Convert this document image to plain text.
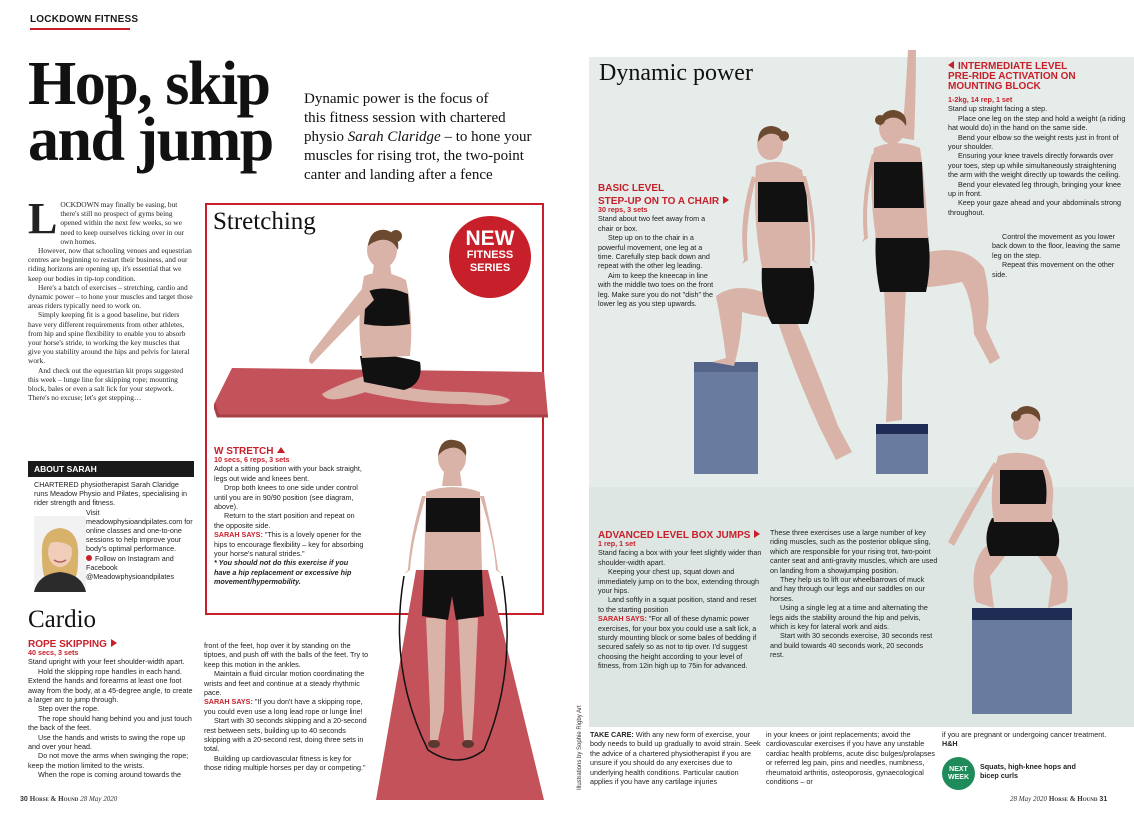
LOCKDOWN FITNESS
Hop, skip
and jump
Dynamic power is the focus of
this fitness session with chartered
physio Sarah Claridge – to hone your
muscles for rising trot, the two-point
canter and landing after a fence

LOCKDOWN may finally be easing, but there's still no prospect of gyms being opened within the next few weeks, so we need to keep ourselves ticking over in our own homes.

However, now that schooling venues and equestrian centres are beginning to restart their business, and our riding horizons are opening up, it's essential that we keep our bodies in tip-top condition.

Here's a batch of exercises – stretching, cardio and dynamic power – to hone your muscles and target those areas riders typically need to work on.

Simply keeping fit is a good baseline, but riders have very different requirements from other athletes, from hip and spine flexibility to enable you to absorb your horse's stride, to working the key muscles that give you stability around the hips and pelvis for lateral work.

And check out the equestrian kit props suggested this week – lunge line for skipping rope; mounting block, bales or even a salt lick for your stepwork. There's no excuse; let's get stepping…

ABOUT SARAH
CHARTERED physiotherapist Sarah Claridge runs Meadow Physio and Pilates, specialising in rider strength and fitness.
Visit meadowphysioandpilates.com for online classes and one-to-one sessions to help improve your body's optimal performance.
Follow on Instagram and Facebook @Meadowphysioandpilates
Stretching
NEW
FITNESS
SERIES
W STRETCH

10 secs, 6 reps, 3 sets

Adopt a sitting position with your back straight, legs out wide and knees bent.

Drop both knees to one side under control until you are in 90/90 position (see diagram, above).

Return to the start position and repeat on the opposite side.

SARAH SAYS: "This is a lovely opener for the hips to encourage flexibility – key for absorbing your horse's natural strides."

* You should not do this exercise if you have a hip replacement or excessive hip movement/hypermobility.

Cardio
ROPE SKIPPING

40 secs, 3 sets

Stand upright with your feet shoulder-width apart.

Hold the skipping rope handles in each hand. Extend the hands and forearms at least one foot away from the body, at a 45-degree angle, to create a larger arc to jump through.

Step over the rope.

The rope should hang behind you and just touch the back of the feet.

Use the hands and wrists to swing the rope up and over your head.

Do not move the arms when swinging the rope; keep the motion limited to the wrists.

When the rope is coming around towards the

front of the feet, hop over it by standing on the tiptoes, and push off with the balls of the feet. Try to keep this motion in the ankles.

Maintain a fluid circular motion coordinating the wrists and feet and continue at a steady rhythmic pace.

SARAH SAYS: "If you don't have a skipping rope, you could even use a long lead rope or lunge line!

Start with 30 seconds skipping and a 20-second rest between sets, building up to 40 seconds skipping with a 20-second rest, doing three sets in total.

Building up cardiovascular fitness is key for those riding multiple horses per day or competing."

30 Horse & Hound 28 May 2020
Dynamic power
BASIC LEVEL
STEP-UP ON TO A CHAIR

30 reps, 3 sets

Stand about two feet away from a chair or box.

Step up on to the chair in a powerful movement, one leg at a time. Carefully step back down and repeat with the other leg leading.

Aim to keep the kneecap in line with the middle two toes on the front leg. Make sure you do not "dish" the lower leg as you step upwards.

INTERMEDIATE LEVEL
PRE-RIDE ACTIVATION ON
MOUNTING BLOCK

1-2kg, 14 rep, 1 set

Stand up straight facing a step.

Place one leg on the step and hold a weight (a riding hat would do) in the hand on the same side.

Bend your elbow so the weight rests just in front of your shoulder.

Ensuring your knee travels directly forwards over your toes, step up while simultaneously straightening the arm with the weight directly up towards the ceiling.

Bend your elevated leg through, bringing your knee up in front.

Keep your gaze ahead and your abdominals strong throughout.

Control the movement as you lower back down to the floor, leaving the same leg on the step.

Repeat this movement on the other side.

ADVANCED LEVEL BOX JUMPS

1 rep, 1 set

Stand facing a box with your feet slightly wider than shoulder-width apart.

Keeping your chest up, squat down and immediately jump on to the box, extending through your hips.

Land softly in a squat position, stand and reset to the starting position

SARAH SAYS: "For all of these dynamic power exercises, for your box you could use a salt lick, a sturdy mounting block or some bales of bedding if secured safely so as not to tip over. I'd suggest choosing the height according to your level of fitness, from 12in high up to 75in for advanced.

These three exercises use a large number of key riding muscles, such as the posterior oblique sling, which are responsible for your rising trot, two-point canter seat and anti-gravity muscles, which are used on landing from a showjumping position.

They help us to lift our wheelbarrows of muck and hay through our legs and our saddles on our horses.

Using a single leg at a time and alternating the legs aids the stability around the hip and pelvis, which is key for lateral work and aids.

Start with 30 seconds exercise, 30 seconds rest and build towards 40 seconds work, 20 seconds rest.

Illustrations by Sophie Rigby Art TAKE CARE: With any new form of exercise, your body needs to build up gradually to avoid strain. Seek the advice of a chartered physiotherapist if you are unsure if you should do any exercises due to underlying health conditions. Particular caution applies if you have any cartilage injuries

in your knees or joint replacements; avoid the cardiovascular exercises if you have any unstable cardiac health problems, acute disc bulges/prolapses or referred leg pain, pins and needles, numbness, rheumatoid arthritis, osteoporosis, gynaecological conditions – or

if you are pregnant or undergoing cancer treatment. H&H

NEXT
WEEK
Squats, high-knee hops and bicep curls
28 May 2020 Horse & Hound 31
